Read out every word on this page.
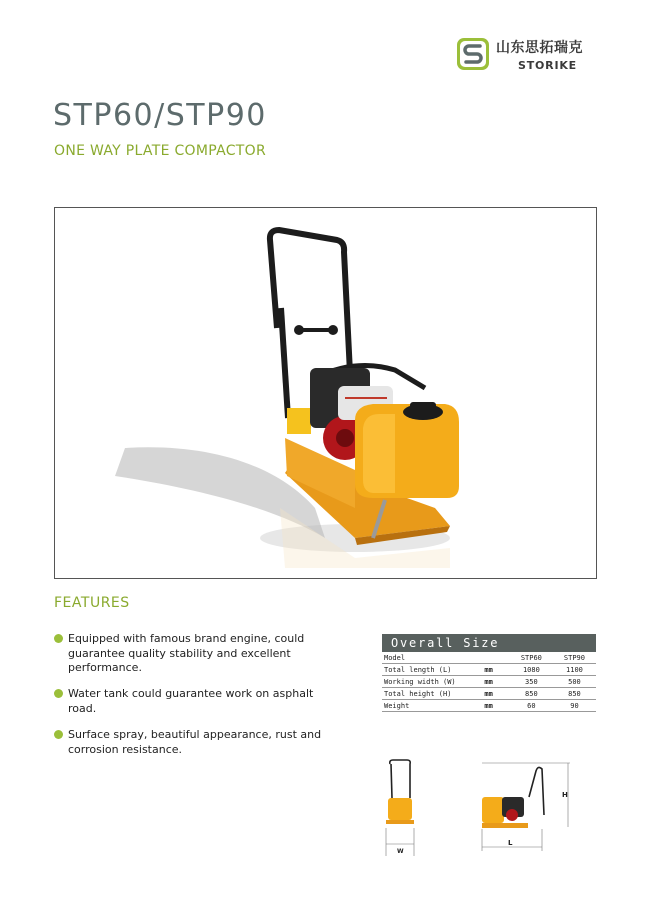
山东思拓瑞克
STORIKE
STP60/STP90
ONE WAY PLATE COMPACTOR
FEATURES
Equipped with famous brand engine, could guarantee quality stability and excellent performance.
Water tank could guarantee work on asphalt road.
Surface spray, beautiful appearance, rust and corrosion resistance.
Overall Size
Model		STP60	STP90
Total length (L)	mm	1080	1100
Working width (W)	mm	350	500
Total height (H)	mm	850	850
Weight	mm	60	90
W
H
L
